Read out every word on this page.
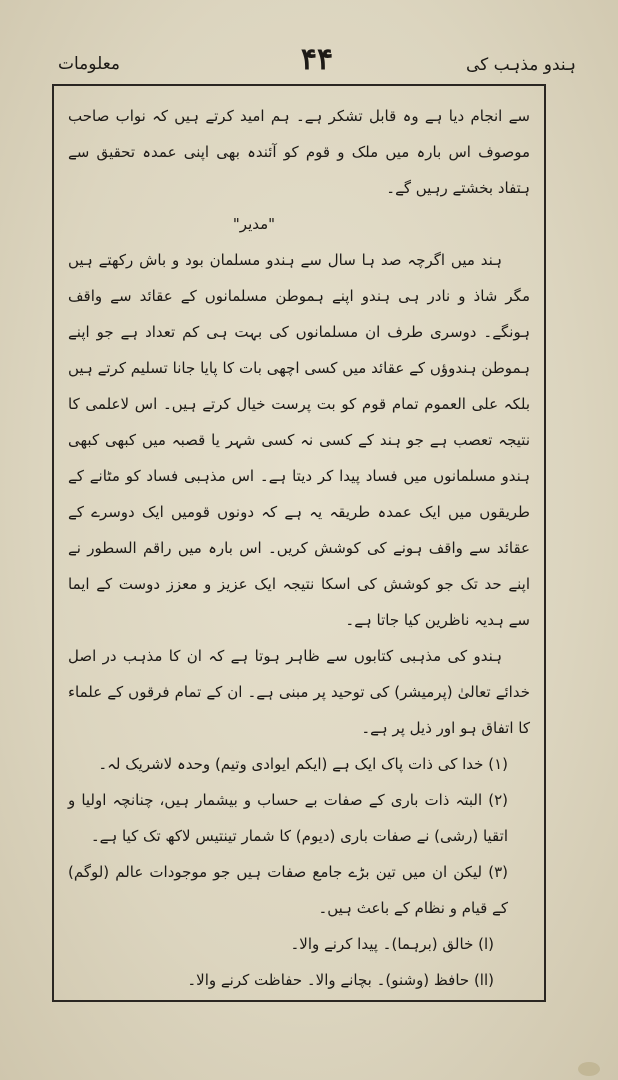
ہندو مذہب کی
۴۴
معلومات

سے انجام دیا ہے وہ قابل تشکر ہے۔ ہم امید کرتے ہیں کہ نواب صاحب موصوف اس بارہ میں ملک و قوم کو آئندہ بھی اپنی عمدہ تحقیق سے ہتفاد بخشتے رہیں گے۔

"مدیر"

ہند میں اگرچہ صد ہا سال سے ہندو مسلمان بود و باش رکھتے ہیں مگر شاذ و نادر ہی ہندو اپنے ہموطن مسلمانوں کے عقائد سے واقف ہونگے۔ دوسری طرف ان مسلمانوں کی بہت ہی کم تعداد ہے جو اپنے ہموطن ہندوؤں کے عقائد میں کسی اچھی بات کا پایا جانا تسلیم کرتے ہیں بلکہ علی العموم تمام قوم کو بت پرست خیال کرتے ہیں۔ اس لاعلمی کا نتیجہ تعصب ہے جو ہند کے کسی نہ کسی شہر یا قصبہ میں کبھی کبھی ہندو مسلمانوں میں فساد پیدا کر دیتا ہے۔ اس مذہبی فساد کو مٹانے کے طریقوں میں ایک عمدہ طریقہ یہ ہے کہ دونوں قومیں ایک دوسرے کے عقائد سے واقف ہونے کی کوشش کریں۔ اس بارہ میں راقم السطور نے اپنے حد تک جو کوشش کی اسکا نتیجہ ایک عزیز و معزز دوست کے ایما سے ہدیہ ناظرین کیا جاتا ہے۔

ہندو کی مذہبی کتابوں سے ظاہر ہوتا ہے کہ ان کا مذہب در اصل خدائے تعالیٰ (پرمیشر) کی توحید پر مبنی ہے۔ ان کے تمام فرقوں کے علماء کا اتفاق ہو اور ذیل پر ہے۔

(۱) خدا کی ذات پاک ایک ہے (ایکم ایوادی وتیم) وحدہ لاشریک لہ۔

(۲) البتہ ذات باری کے صفات بے حساب و بیشمار ہیں، چنانچہ اولیا و اتقیا (رشی) نے صفات باری (دیوم) کا شمار تینتیس لاکھ تک کیا ہے۔

(۳) لیکن ان میں تین بڑے جامع صفات ہیں جو موجودات عالم (لوگم) کے قیام و نظام کے باعث ہیں۔

(ا) خالق (برہما)۔ پیدا کرنے والا۔

(اا) حافظ (وشنو)۔ بچانے والا۔ حفاظت کرنے والا۔
